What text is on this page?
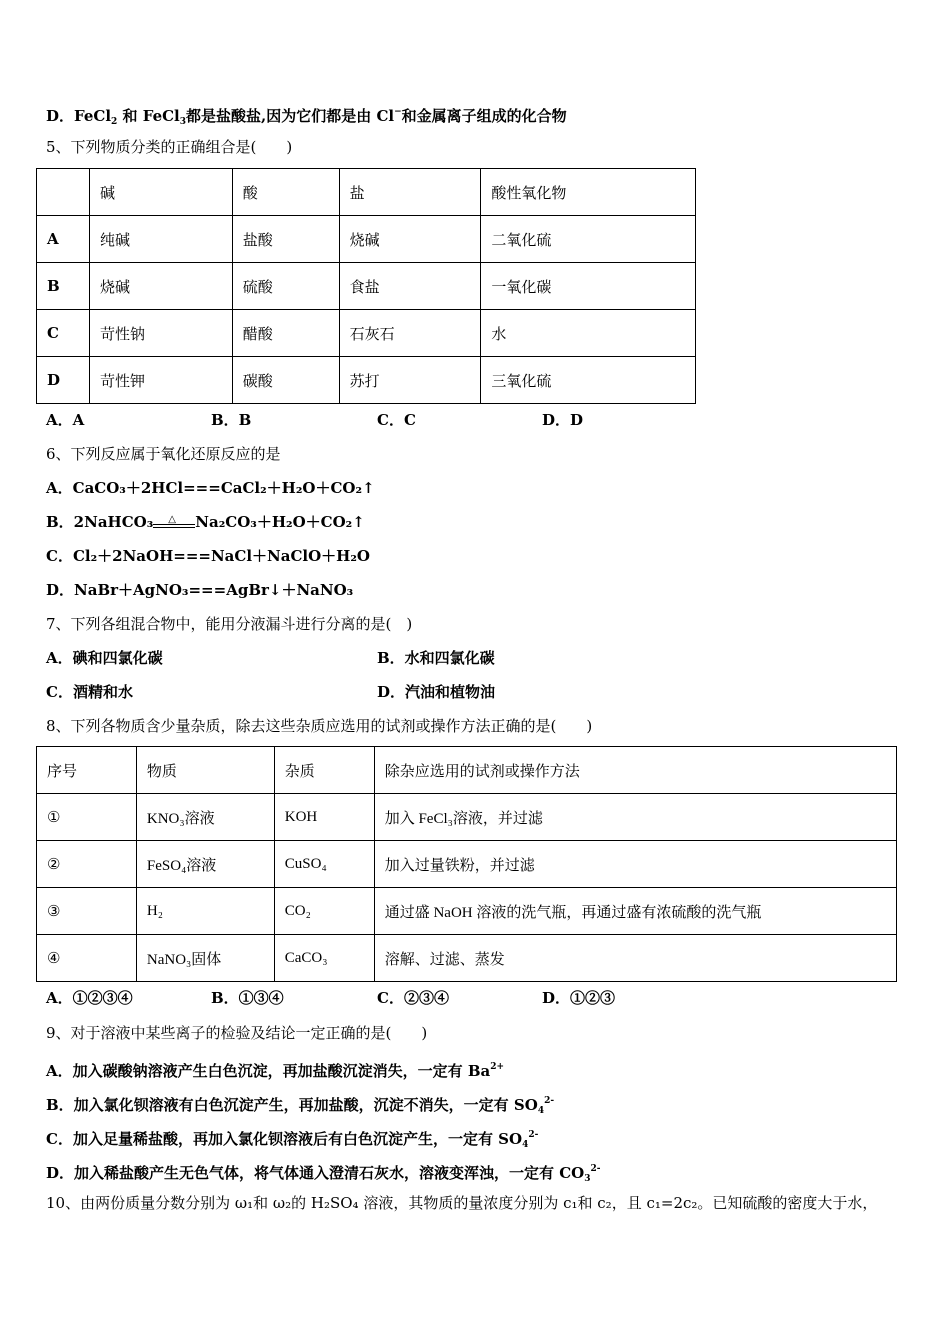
D．FeCl$_2$ 和 FeCl$_3$都是盐酸盐,因为它们都是由 Cl−和金属离子组成的化合物
5、下列物质分类的正确组合是(　　)
	碱	酸	盐	酸性氧化物
A	纯碱	盐酸	烧碱	二氧化硫
B	烧碱	硫酸	食盐	一氧化碳
C	苛性钠	醋酸	石灰石	水
D	苛性钾	碳酸	苏打	三氧化硫
A．A	B．B	C．C	D．D
6、下列反应属于氧化还原反应的是
A．CaCO₃＋2HCl===CaCl₂＋H₂O＋CO₂↑
B．2NaHCO₃ △ Na₂CO₃＋H₂O＋CO₂↑
C．Cl₂＋2NaOH===NaCl＋NaClO＋H₂O
D．NaBr＋AgNO₃===AgBr↓＋NaNO₃
7、下列各组混合物中，能用分液漏斗进行分离的是(　)
A．碘和四氯化碳	B．水和四氯化碳
C．酒精和水	D．汽油和植物油
8、下列各物质含少量杂质，除去这些杂质应选用的试剂或操作方法正确的是(　　)
序号	物质	杂质	除杂应选用的试剂或操作方法
①	KNO₃溶液	KOH	加入 FeCl₃溶液，并过滤
②	FeSO₄溶液	CuSO₄	加入过量铁粉，并过滤
③	H₂	CO₂	通过盛 NaOH 溶液的洗气瓶，再通过盛有浓硫酸的洗气瓶
④	NaNO₃固体	CaCO₃	溶解、过滤、蒸发
A．①②③④	B．①③④	C．②③④	D．①②③
9、对于溶液中某些离子的检验及结论一定正确的是(　　)
A．加入碳酸钠溶液产生白色沉淀，再加盐酸沉淀消失，一定有 $Ba^{2+}$
B．加入氯化钡溶液有白色沉淀产生，再加盐酸，沉淀不消失，一定有 $SO_4^{2-}$
C．加入足量稀盐酸，再加入氯化钡溶液后有白色沉淀产生，一定有 $SO_4^{2-}$
D．加入稀盐酸产生无色气体，将气体通入澄清石灰水，溶液变浑浊，一定有 $CO_3^{2-}$
10、由两份质量分数分别为 ω₁和 ω₂的 H₂SO₄ 溶液，其物质的量浓度分别为 c₁和 c₂，且 c₁=2c₂。已知硫酸的密度大于水，
